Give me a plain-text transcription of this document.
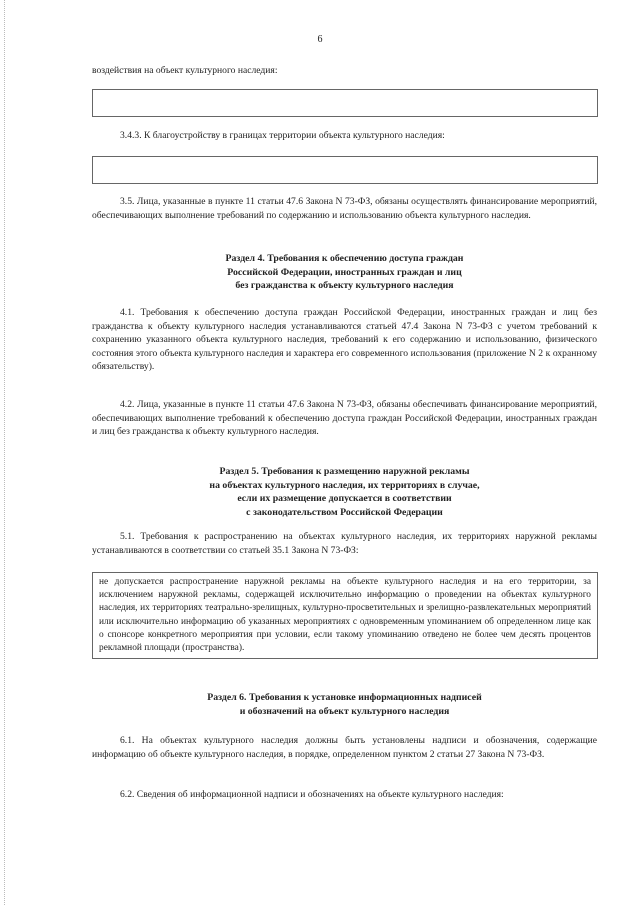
6
воздействия на объект культурного наследия:
3.4.3. К благоустройству в границах территории объекта культурного наследия:
3.5. Лица, указанные в пункте 11 статьи 47.6 Закона N 73-ФЗ, обязаны осуществлять финансирование мероприятий, обеспечивающих выполнение требований по содержанию и использованию объекта культурного наследия.
Раздел 4. Требования к обеспечению доступа граждан
Российской Федерации, иностранных граждан и лиц
без гражданства к объекту культурного наследия
4.1. Требования к обеспечению доступа граждан Российской Федерации, иностранных граждан и лиц без гражданства к объекту культурного наследия устанавливаются статьей 47.4 Закона N 73-ФЗ с учетом требований к сохранению указанного объекта культурного наследия, требований к его содержанию и использованию, физического состояния этого объекта культурного наследия и характера его современного использования (приложение N 2 к охранному обязательству).
4.2. Лица, указанные в пункте 11 статьи 47.6 Закона N 73-ФЗ, обязаны обеспечивать финансирование мероприятий, обеспечивающих выполнение требований к обеспечению доступа граждан Российской Федерации, иностранных граждан и лиц без гражданства к объекту культурного наследия.
Раздел 5. Требования к размещению наружной рекламы
на объектах культурного наследия, их территориях в случае,
если их размещение допускается в соответствии
с законодательством Российской Федерации
5.1. Требования к распространению на объектах культурного наследия, их территориях наружной рекламы устанавливаются в соответствии со статьей 35.1 Закона N 73-ФЗ:
не допускается распространение наружной рекламы на объекте культурного наследия и на его территории, за исключением наружной рекламы, содержащей исключительно информацию о проведении на объектах культурного наследия, их территориях театрально-зрелищных, культурно-просветительных и зрелищно-развлекательных мероприятий или исключительно информацию об указанных мероприятиях с одновременным упоминанием об определенном лице как о спонсоре конкретного мероприятия при условии, если такому упоминанию отведено не более чем десять процентов рекламной площади (пространства).
Раздел 6. Требования к установке информационных надписей
и обозначений на объект культурного наследия
6.1. На объектах культурного наследия должны быть установлены надписи и обозначения, содержащие информацию об объекте культурного наследия, в порядке, определенном пунктом 2 статьи 27 Закона N 73-ФЗ.
6.2. Сведения об информационной надписи и обозначениях на объекте культурного наследия:
